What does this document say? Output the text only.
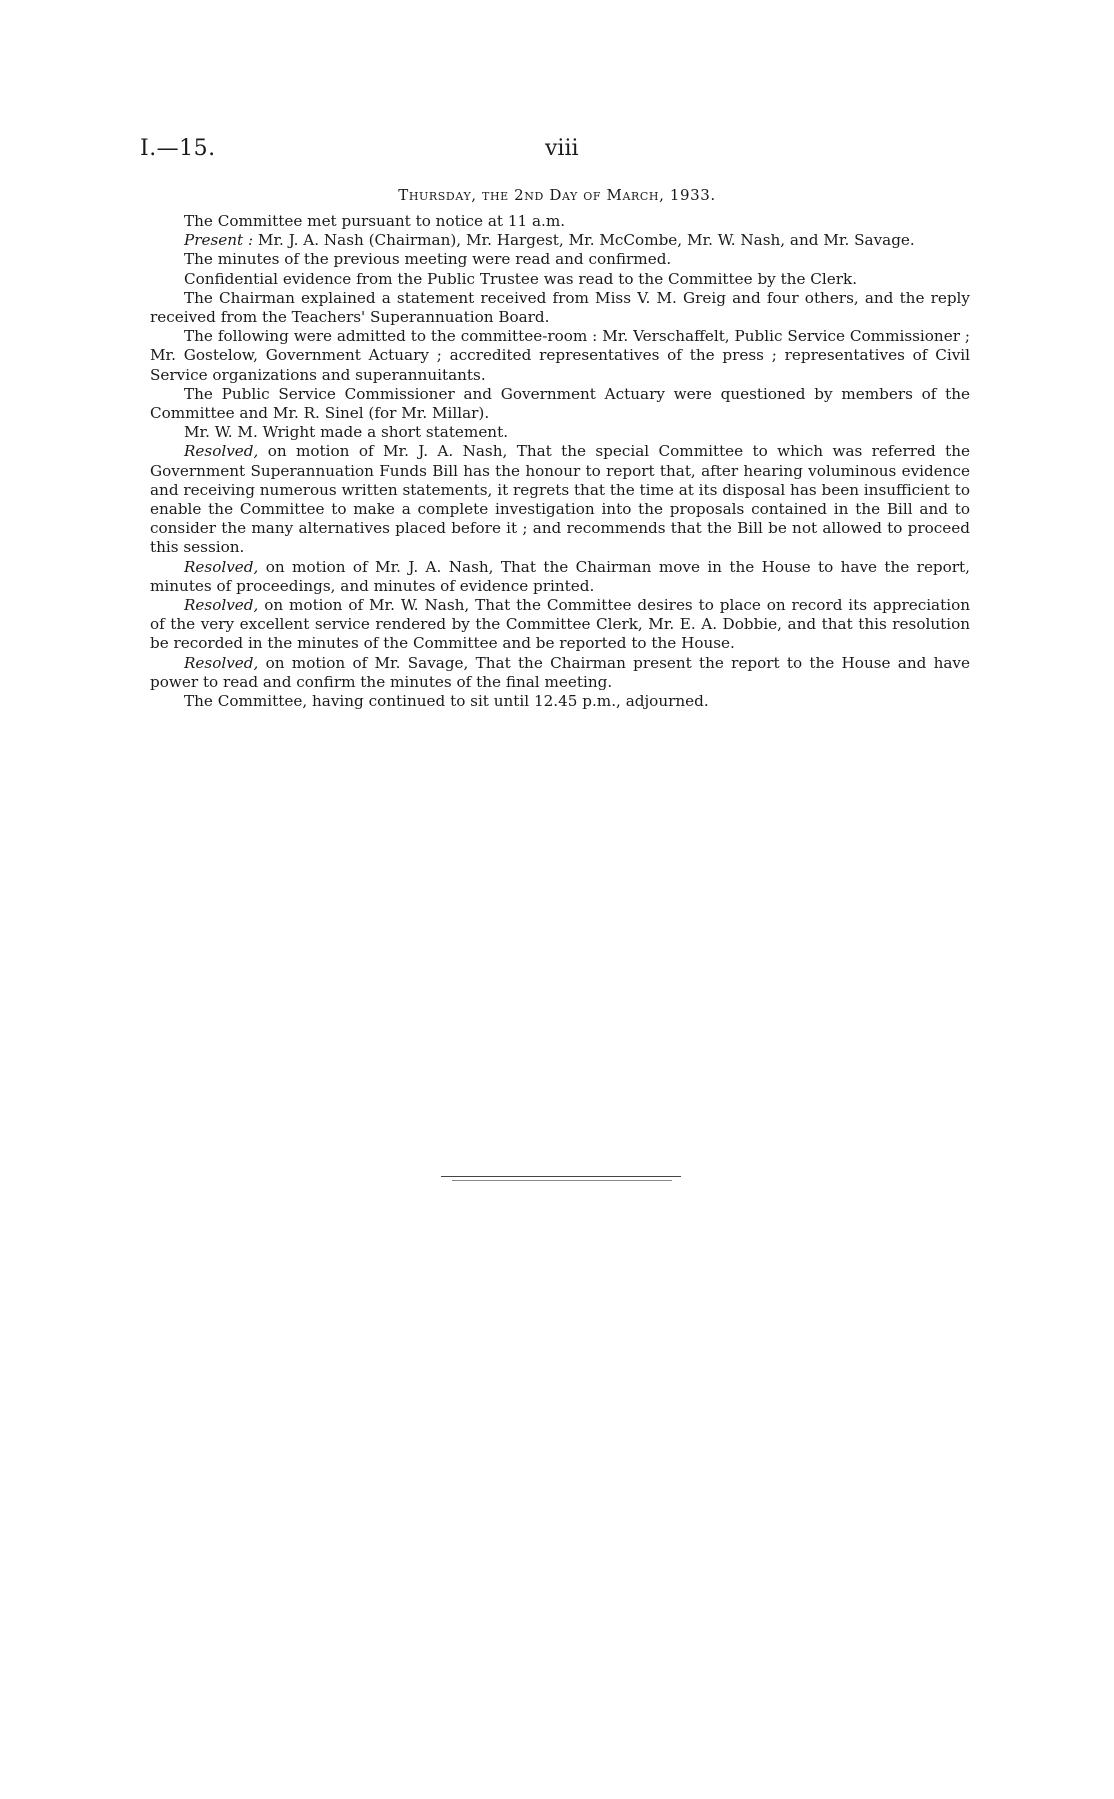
I.—15.	viii
Thursday, the 2nd Day of March, 1933.

The Committee met pursuant to notice at 11 a.m.

Present : Mr. J. A. Nash (Chairman), Mr. Hargest, Mr. McCombe, Mr. W. Nash, and Mr. Savage.

The minutes of the previous meeting were read and confirmed.

Confidential evidence from the Public Trustee was read to the Committee by the Clerk.

The Chairman explained a statement received from Miss V. M. Greig and four others, and the reply received from the Teachers' Superannuation Board.

The following were admitted to the committee-room : Mr. Verschaffelt, Public Service Commissioner ; Mr. Gostelow, Government Actuary ; accredited representatives of the press ; representatives of Civil Service organizations and superannuitants.

The Public Service Commissioner and Government Actuary were questioned by members of the Committee and Mr. R. Sinel (for Mr. Millar).

Mr. W. M. Wright made a short statement.

Resolved, on motion of Mr. J. A. Nash, That the special Committee to which was referred the Government Superannuation Funds Bill has the honour to report that, after hearing voluminous evidence and receiving numerous written statements, it regrets that the time at its disposal has been insufficient to enable the Committee to make a complete investigation into the proposals contained in the Bill and to consider the many alternatives placed before it ; and recommends that the Bill be not allowed to proceed this session.

Resolved, on motion of Mr. J. A. Nash, That the Chairman move in the House to have the report, minutes of proceedings, and minutes of evidence printed.

Resolved, on motion of Mr. W. Nash, That the Committee desires to place on record its appreciation of the very excellent service rendered by the Committee Clerk, Mr. E. A. Dobbie, and that this resolution be recorded in the minutes of the Committee and be reported to the House.

Resolved, on motion of Mr. Savage, That the Chairman present the report to the House and have power to read and confirm the minutes of the final meeting.

The Committee, having continued to sit until 12.45 p.m., adjourned.
